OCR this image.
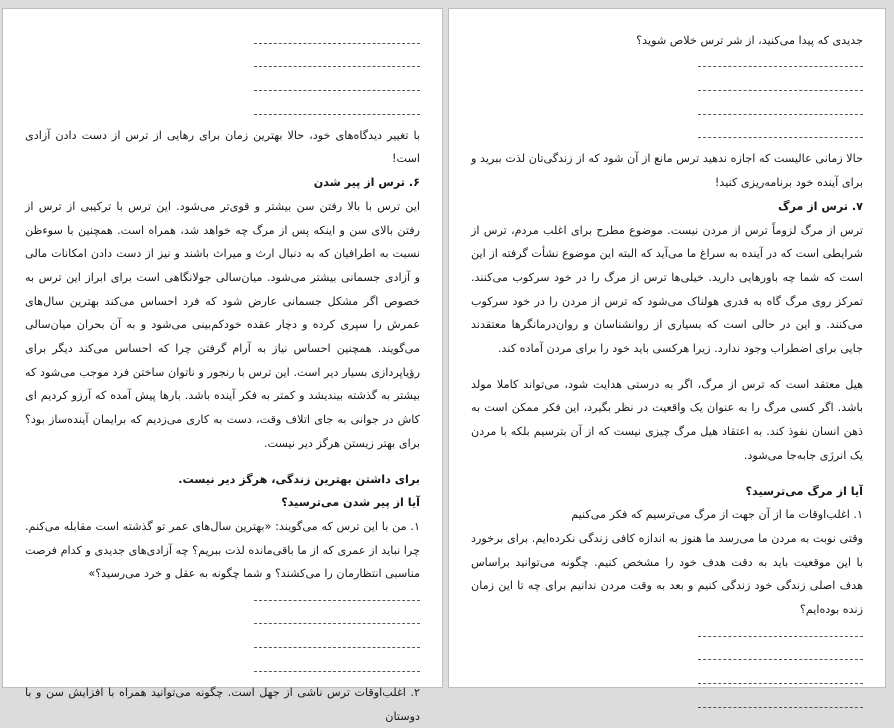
با تغییر دیدگاه‌های خود، حالا بهترین زمان برای رهایی از ترس از دست دادن آزادی است!

۶. ترس از پیر شدن

این ترس با بالا رفتن سن بیشتر و قوی‌تر می‌شود. این ترس با ترکیبی از ترس از رفتن بالای سن و اینکه پس از مرگ چه خواهد شد، همراه است. همچنین با سوءظن نسبت به اطرافیان که به دنبال ارث و میراث باشند و نیز از دست دادن امکانات مالی و آزادی جسمانی بیشتر می‌شود. میان‌سالی جولانگاهی است برای ابراز این ترس به خصوص اگر مشکل جسمانی عارض شود که فرد احساس می‌کند بهترین سال‌های عمرش را سپری کرده و دچار عقده خودکم‌بینی می‌شود و به آن بحران میان‌سالی می‌گویند. همچنین احساس نیاز به آرام گرفتن چرا که احساس می‌کند دیگر برای رؤیاپردازی بسیار دیر است. این ترس با رنجور و ناتوان ساختن فرد موجب می‌شود که بیشتر به گذشته بیندیشد و کمتر به فکر آینده باشد. بارها پیش آمده که آرزو کردیم ای کاش در جوانی به جای اتلاف وقت، دست به کاری می‌زدیم که برایمان آینده‌ساز بود؟ برای بهتر زیستن هرگز دیر نیست.

برای داشتن بهترین زندگی، هرگز دیر نیست.

آیا از پیر شدن می‌ترسید؟

۱. من با این ترس که می‌گویند: «بهترین سال‌های عمر تو گذشته است مقابله می‌کنم. چرا نباید از عمری که از ما باقی‌مانده لذت ببریم؟ چه آزادی‌های جدیدی و کدام فرصت مناسبی انتظارمان را می‌کشند؟ و شما چگونه به عقل و خرد می‌رسید؟»

۲. اغلب‌اوقات ترس ناشی از جهل است. چگونه می‌توانید همراه با افزایش سن و با دوستان

جدیدی که پیدا می‌کنید، از شر ترس خلاص شوید؟

حالا زمانی عالیست که اجازه ندهید ترس مانع از آن شود که از زندگی‌تان لذت ببرید و برای آینده خود برنامه‌ریزی کنید!

۷. ترس از مرگ

ترس از مرگ لزوماً ترس از مردن نیست. موضوع مطرح برای اغلب مردم، ترس از شرایطی است که در آینده به سراغ ما می‌آید که البته این موضوع نشأت گرفته از این است که شما چه باورهایی دارید. خیلی‌ها ترس از مرگ را در خود سرکوب می‌کنند. تمرکز روی مرگ گاه به قدری هولناک می‌شود که ترس از مردن را در خود سرکوب می‌کنند. و این در حالی است که بسیاری از روانشناسان و روان‌درمانگرها معتقدند جایی برای اضطراب وجود ندارد. زیرا هرکسی باید خود را برای مردن آماده کند.

هیل معتقد است که ترس از مرگ، اگر به درستی هدایت شود، می‌تواند کاملا مولد باشد. اگر کسی مرگ را به عنوان یک واقعیت در نظر بگیرد، این فکر ممکن است به ذهن انسان نفوذ کند. به اعتقاد هیل مرگ چیزی نیست که از آن بترسیم بلکه با مردن یک انرژی جابه‌جا می‌شود.

آیا از مرگ می‌ترسید؟

۱. اغلب‌اوقات ما از آن جهت از مرگ می‌ترسیم که فکر می‌کنیم

وقتی نوبت به مردن ما می‌رسد ما هنوز به اندازه کافی زندگی نکرده‌ایم. برای برخورد با این موقعیت باید به دقت هدف خود را مشخص کنیم. چگونه می‌توانید براساس هدف اصلی زندگی خود زندگی کنیم و بعد به وقت مردن ندانیم برای چه تا این زمان زنده بوده‌ایم؟
